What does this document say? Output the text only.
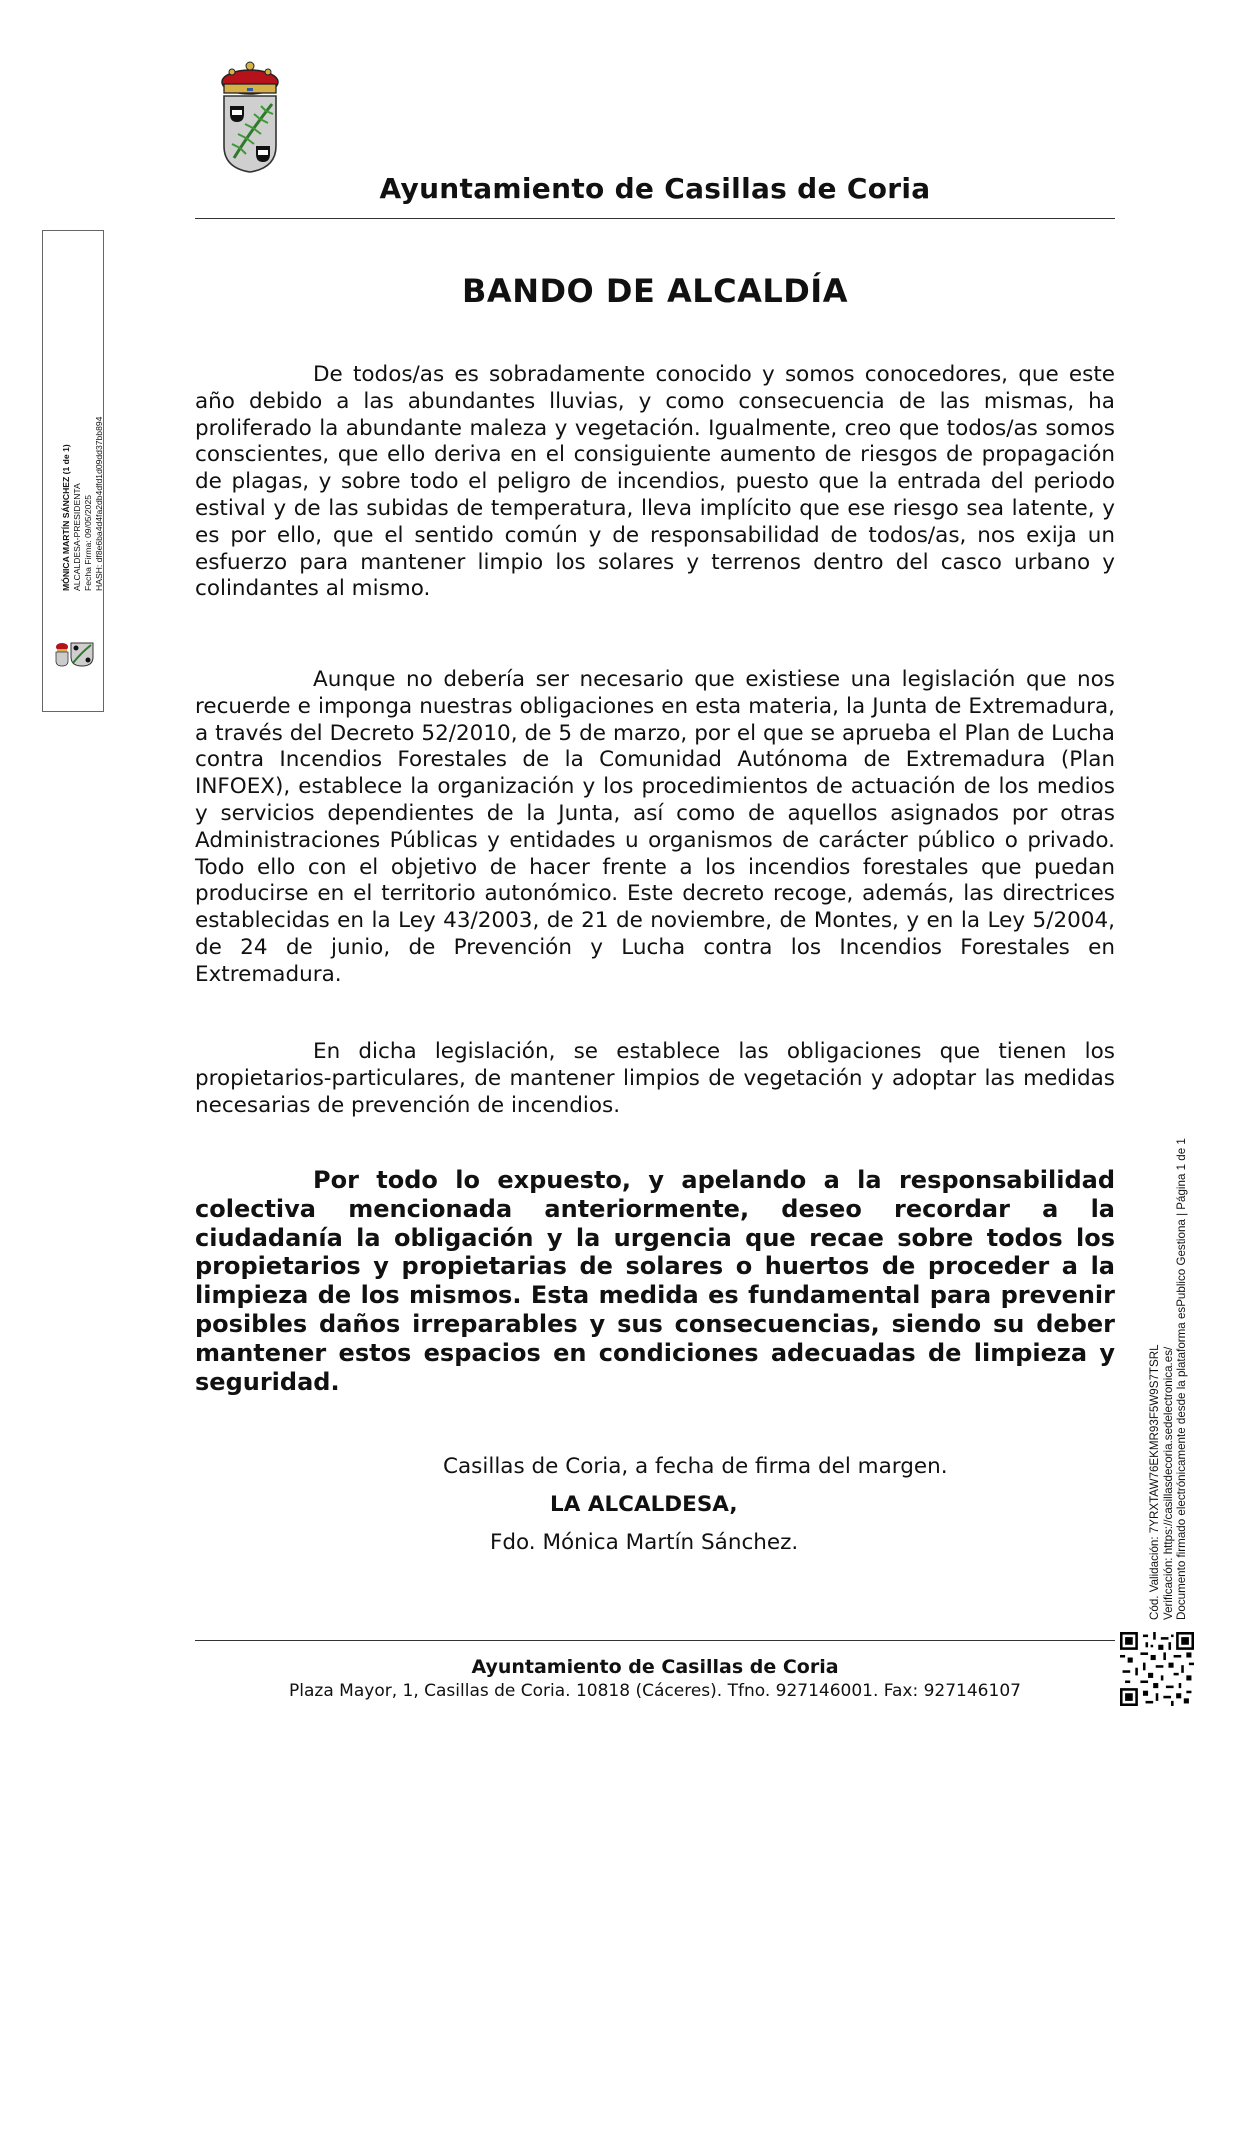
Ayuntamiento de Casillas de Coria
BANDO DE ALCALDÍA

De todos/as es sobradamente conocido y somos conocedores, que este año debido a las abundantes lluvias, y como consecuencia de las mismas, ha proliferado la abundante maleza y vegetación. Igualmente, creo que todos/as somos conscientes, que ello deriva en el consiguiente aumento de riesgos de propagación de plagas, y sobre todo el peligro de incendios, puesto que la entrada del periodo estival y de las subidas de temperatura, lleva implícito que ese riesgo sea latente, y es por ello, que el sentido común y de responsabilidad de todos/as, nos exija un esfuerzo para mantener limpio los solares y terrenos dentro del casco urbano y colindantes al mismo.

Aunque no debería ser necesario que existiese una legislación que nos recuerde e imponga nuestras obligaciones en esta materia, la Junta de Extremadura, a través del Decreto 52/2010, de 5 de marzo, por el que se aprueba el Plan de Lucha contra Incendios Forestales de la Comunidad Autónoma de Extremadura (Plan INFOEX), establece la organización y los procedimientos de actuación de los medios y servicios dependientes de la Junta, así como de aquellos asignados por otras Administraciones Públicas y entidades u organismos de carácter público o privado. Todo ello con el objetivo de hacer frente a los incendios forestales que puedan producirse en el territorio autonómico. Este decreto recoge, además, las directrices establecidas en la Ley 43/2003, de 21 de noviembre, de Montes, y en la Ley 5/2004, de 24 de junio, de Prevención y Lucha contra los Incendios Forestales en Extremadura.

En dicha legislación, se establece las obligaciones que tienen los propietarios-particulares, de mantener limpios de vegetación y adoptar las medidas necesarias de prevención de incendios.

Por todo lo expuesto, y apelando a la responsabilidad colectiva mencionada anteriormente, deseo recordar a la ciudadanía la obligación y la urgencia que recae sobre todos los propietarios y propietarias de solares o huertos de proceder a la limpieza de los mismos. Esta medida es fundamental para prevenir posibles daños irreparables y sus consecuencias, siendo su deber mantener estos espacios en condiciones adecuadas de limpieza y seguridad.

Casillas de Coria, a fecha de firma del margen.
LA ALCALDESA,
Fdo. Mónica Martín Sánchez.
Ayuntamiento de Casillas de Coria
Plaza Mayor, 1, Casillas de Coria. 10818 (Cáceres). Tfno. 927146001. Fax: 927146107
MÓNICA MARTÍN SÁNCHEZ (1 de 1) ALCALDESA-PRESIDENTA Fecha Firma: 09/05/2025 HASH: df8e6ba4d4fa2db4dfd1d09dd37bb894
Cód. Validación: 7YRXTAW76EKMR93F5W9S7TSRL Verificación: https://casillasdecoria.sedelectronica.es/ Documento firmado electrónicamente desde la plataforma esPublico Gestiona | Página 1 de 1
